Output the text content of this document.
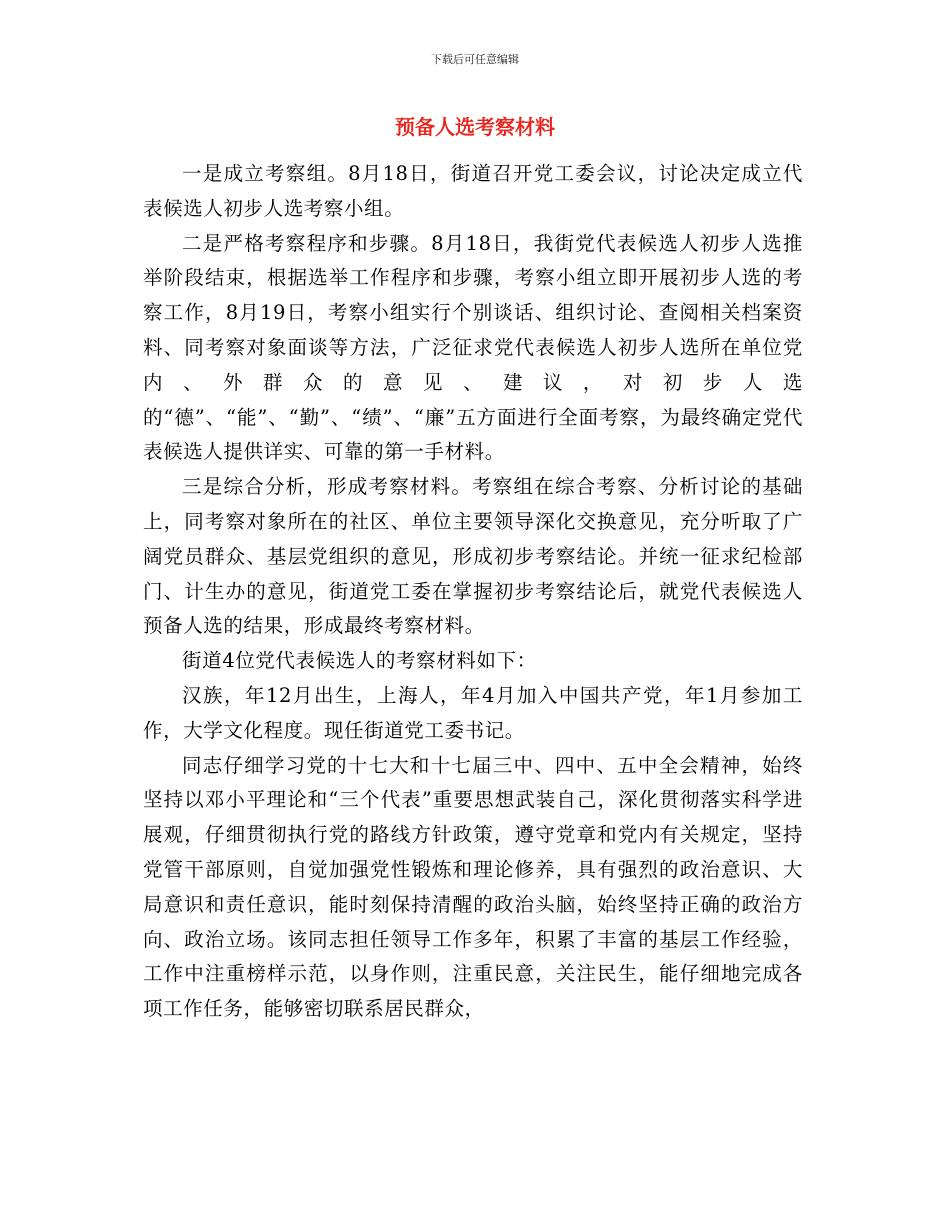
下载后可任意编辑
预备人选考察材料

一是成立考察组。8月18日，街道召开党工委会议，讨论决定成立代表候选人初步人选考察小组。

二是严格考察程序和步骤。8月18日，我街党代表候选人初步人选推举阶段结束，根据选举工作程序和步骤，考察小组立即开展初步人选的考察工作，8月19日，考察小组实行个别谈话、组织讨论、查阅相关档案资料、同考察对象面谈等方法，广泛征求党代表候选人初步人选所在单位党内、外群众的意见、建议，对初步人选的“德”、“能”、“勤”、“绩”、“廉”五方面进行全面考察，为最终确定党代表候选人提供详实、可靠的第一手材料。

三是综合分析，形成考察材料。考察组在综合考察、分析讨论的基础上，同考察对象所在的社区、单位主要领导深化交换意见，充分听取了广阔党员群众、基层党组织的意见，形成初步考察结论。并统一征求纪检部门、计生办的意见，街道党工委在掌握初步考察结论后，就党代表候选人预备人选的结果，形成最终考察材料。

街道4位党代表候选人的考察材料如下：

汉族，年12月出生，上海人，年4月加入中国共产党，年1月参加工作，大学文化程度。现任街道党工委书记。

同志仔细学习党的十七大和十七届三中、四中、五中全会精神，始终坚持以邓小平理论和“三个代表”重要思想武装自己，深化贯彻落实科学进展观，仔细贯彻执行党的路线方针政策，遵守党章和党内有关规定，坚持党管干部原则，自觉加强党性锻炼和理论修养，具有强烈的政治意识、大局意识和责任意识，能时刻保持清醒的政治头脑，始终坚持正确的政治方向、政治立场。该同志担任领导工作多年，积累了丰富的基层工作经验，工作中注重榜样示范，以身作则，注重民意，关注民生，能仔细地完成各项工作任务，能够密切联系居民群众，
